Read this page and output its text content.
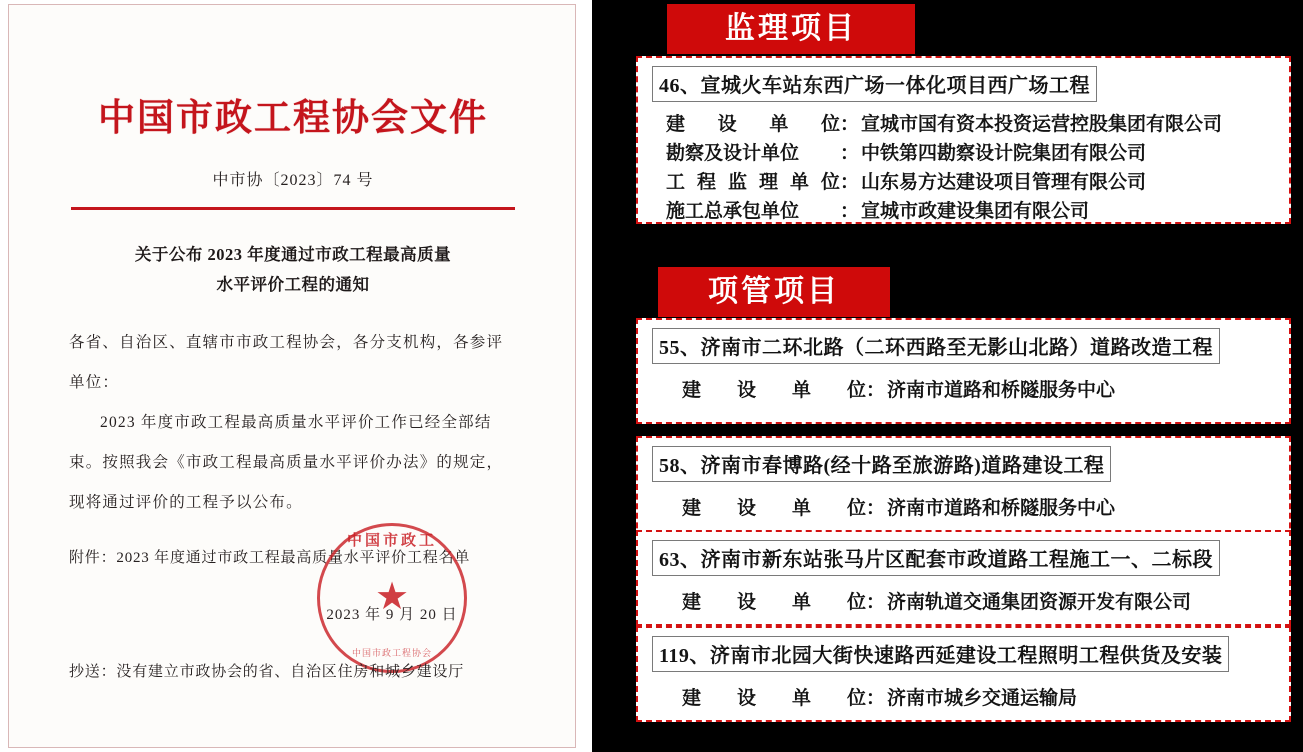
中国市政工程协会文件
中市协〔2023〕74 号
关于公布 2023 年度通过市政工程最高质量
水平评价工程的通知

各省、自治区、直辖市市政工程协会，各分支机构，各参评

单位：

2023 年度市政工程最高质量水平评价工作已经全部结

束。按照我会《市政工程最高质量水平评价办法》的规定，

现将通过评价的工程予以公布。

附件：2023 年度通过市政工程最高质量水平评价工程名单
中国市政工
★
2023 年 9 月 20 日
中国市政工程协会
抄送：没有建立市政协会的省、自治区住房和城乡建设厅
监理项目
项管项目
46、宣城火车站东西广场一体化项目西广场工程
建 设 单 位 ： 宣城市国有资本投资运营控股集团有限公司
勘察及设计单位	： 中铁第四勘察设计院集团有限公司
工 程 监 理 单 位 ： 山东易方达建设项目管理有限公司
施工总承包单位	： 宣城市政建设集团有限公司
55、济南市二环北路（二环西路至无影山北路）道路改造工程
建 设 单 位 ： 济南市道路和桥隧服务中心
58、济南市春博路(经十路至旅游路)道路建设工程
建 设 单 位 ： 济南市道路和桥隧服务中心
63、济南市新东站张马片区配套市政道路工程施工一、二标段
建 设 单 位 ： 济南轨道交通集团资源开发有限公司
119、济南市北园大街快速路西延建设工程照明工程供货及安装
建 设 单 位 ： 济南市城乡交通运输局
